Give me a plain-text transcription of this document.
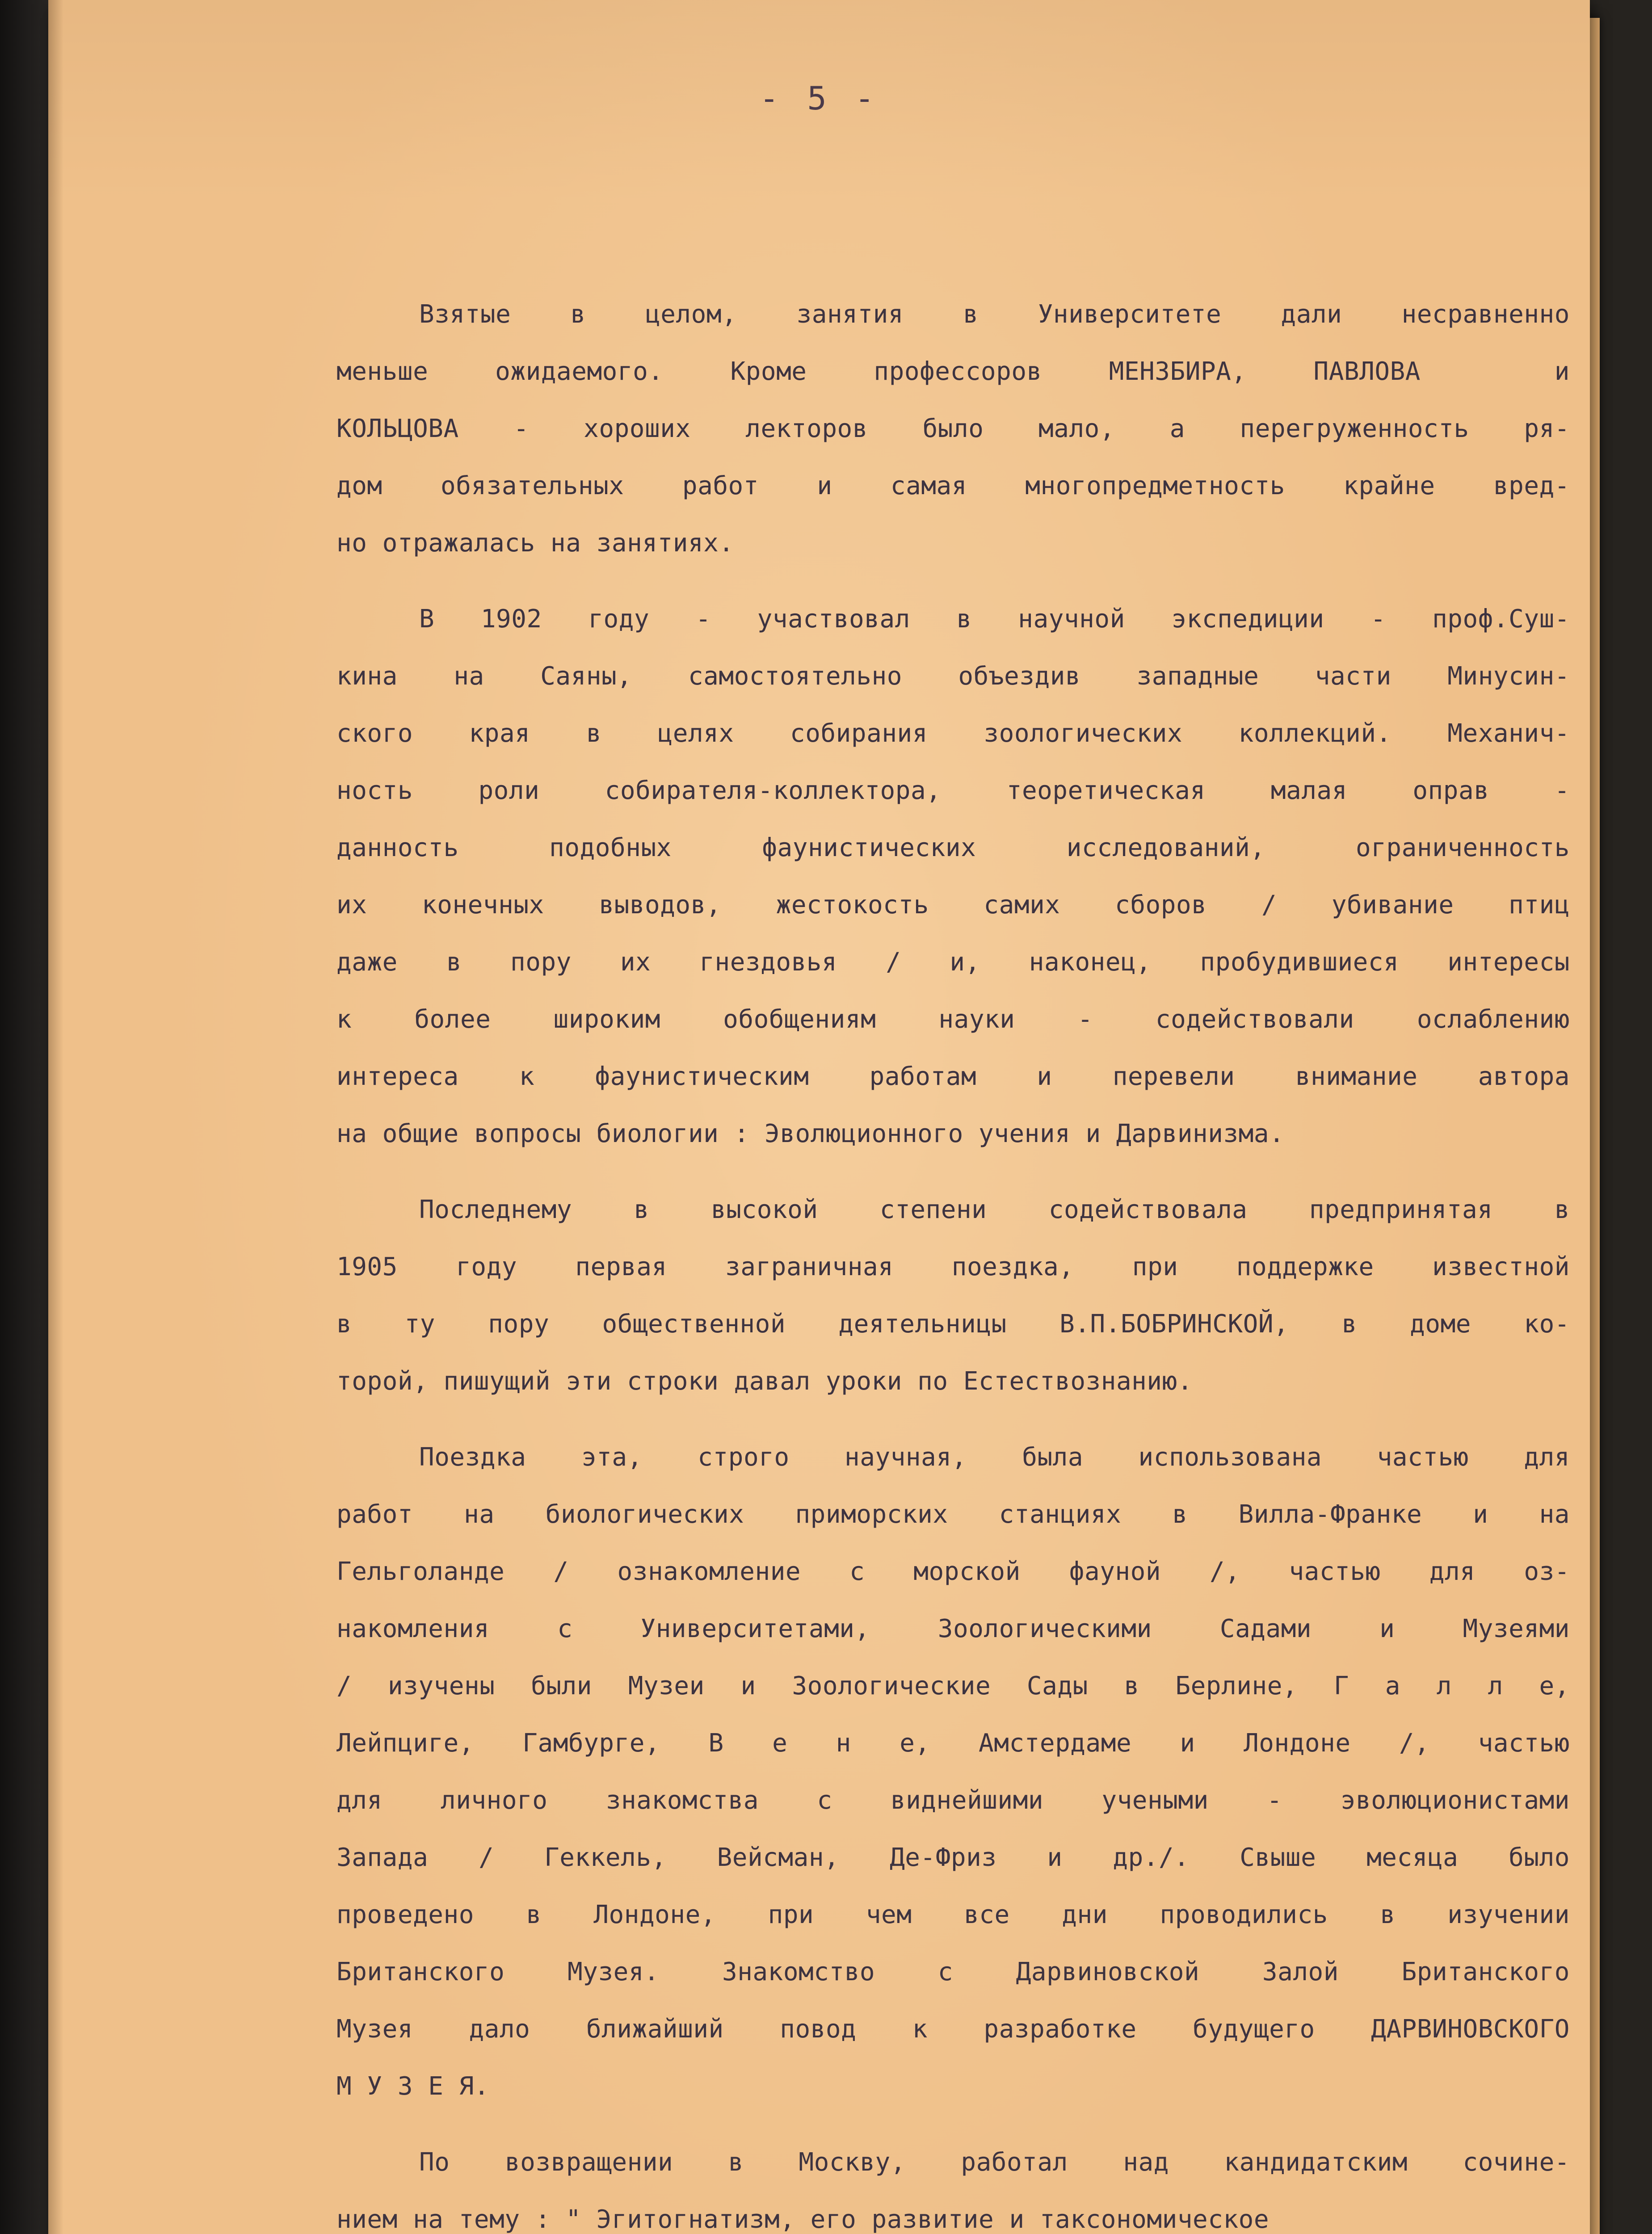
- 5 -
Взятые в целом, занятия в Университете дали несравненно
меньше ожидаемого. Кроме профессоров МЕНЗБИРА, ПАВЛОВА  и
КОЛЬЦОВА - хороших лекторов было мало, а перегруженность ря-
дом обязательных работ и самая многопредметность крайне вред-
но отражалась на занятиях.
В 1902 году - участвовал в научной экспедиции - проф.Суш-
кина на Саяны, самостоятельно объездив западные части Минусин-
ского края в целях собирания зоологических коллекций. Механич-
ность роли собирателя-коллектора, теоретическая малая оправ -
данность подобных фаунистических исследований, ограниченность
их конечных выводов, жестокость самих сборов / убивание птиц
даже в пору их гнездовья / и, наконец, пробудившиеся интересы
к более широким обобщениям науки - содействовали ослаблению
интереса к фаунистическим работам и перевели внимание автора
на общие вопросы биологии : Эволюционного учения и Дарвинизма.
Последнему в высокой степени содействовала предпринятая в
1905 году первая заграничная поездка, при поддержке известной
в ту пору общественной деятельницы В.П.БОБРИНСКОЙ, в доме ко-
торой, пишущий эти строки давал уроки по Естествознанию.
Поездка эта, строго научная, была использована частью для
работ на биологических приморских станциях в Вилла-Франке и на
Гельголанде / ознакомление с морской фауной /, частью для оз-
накомления с Университетами, Зоологическими Садами и Музеями
/ изучены были Музеи и Зоологические Сады в Берлине, Г а л л е,
Лейпциге, Гамбурге, В е н е, Амстердаме и Лондоне /, частью
для личного знакомства с виднейшими учеными - эволюционистами
Запада / Геккель, Вейсман, Де-Фриз и др./. Свыше месяца было
проведено в Лондоне, при чем все дни проводились в изучении
Британского Музея. Знакомство с Дарвиновской Залой Британского
Музея дало ближайший повод к разработке будущего ДАРВИНОВСКОГО
М У З Е Я.
По возвращении в Москву, работал над кандидатским сочине-
нием на тему : " Эгитогнатизм, его развитие и таксономическое
